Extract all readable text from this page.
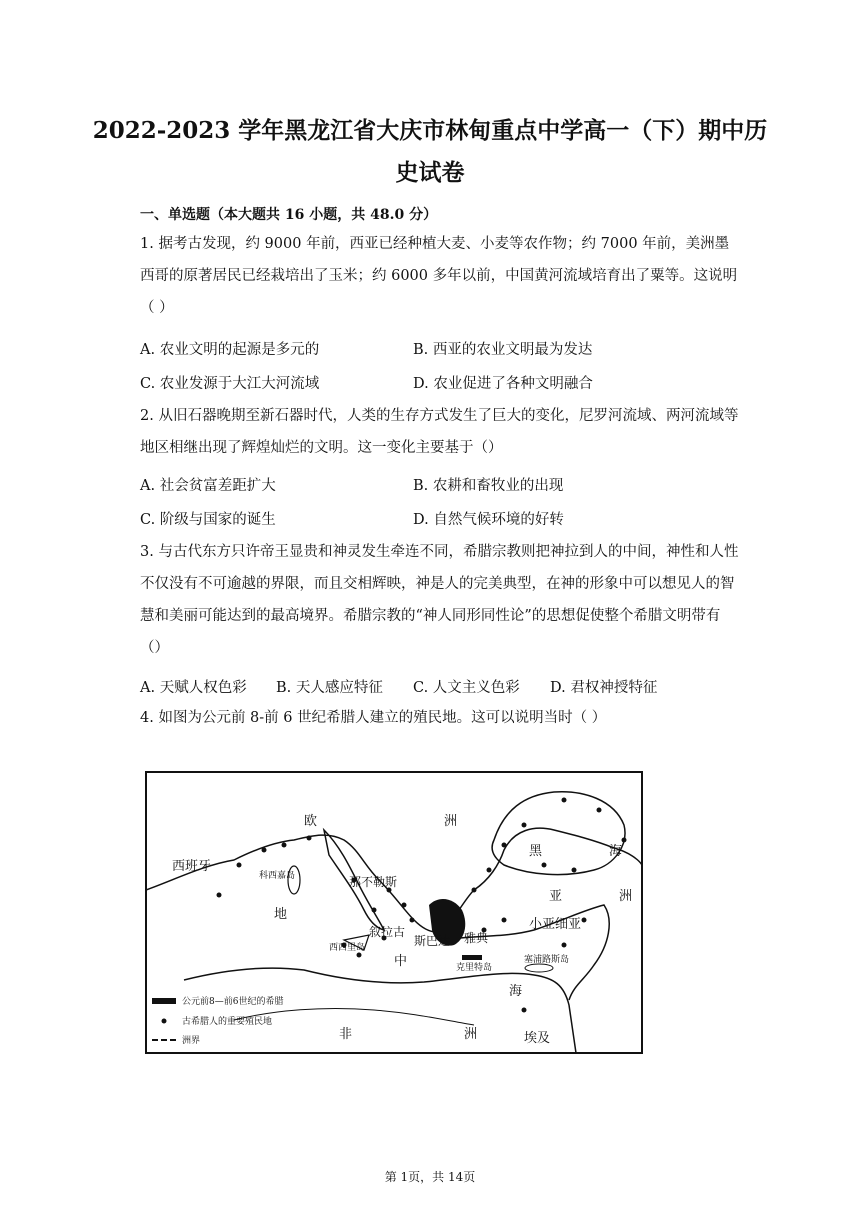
2022-2023 学年黑龙江省大庆市林甸重点中学高一（下）期中历
史试卷
一、单选题（本大题共 16 小题，共 48.0 分）
1. 据考古发现，约 9000 年前，西亚已经种植大麦、小麦等农作物；约 7000 年前，美洲墨西哥的原著居民已经栽培出了玉米；约 6000 多年以前，中国黄河流域培育出了粟等。这说明（ ）
A. 农业文明的起源是多元的	B. 西亚的农业文明最为发达
C. 农业发源于大江大河流域	D. 农业促进了各种文明融合
2. 从旧石器晚期至新石器时代，人类的生存方式发生了巨大的变化，尼罗河流域、两河流域等地区相继出现了辉煌灿烂的文明。这一变化主要基于（）
A. 社会贫富差距扩大	B. 农耕和畜牧业的出现
C. 阶级与国家的诞生	D. 自然气候环境的好转
3. 与古代东方只许帝王显贵和神灵发生牵连不同，希腊宗教则把神拉到人的中间，神性和人性不仅没有不可逾越的界限，而且交相辉映，神是人的完美典型，在神的形象中可以想见人的智慧和美丽可能达到的最高境界。希腊宗教的“神人同形同性论”的思想促使整个希腊文明带有（）
A. 天赋人权色彩 B. 天人感应特征 C. 人文主义色彩 D. 君权神授特征
4. 如图为公元前 8-前 6 世纪希腊人建立的殖民地。这可以说明当时（ ）
欧	洲
西班牙
科西嘉岛
地
中
海
那不勒斯
叙拉古
西西里岛	斯巴达 雅典
克里特岛
黑	海
亚	洲
小亚细亚
塞浦路斯岛
非	洲	埃及
公元前8—前6世纪的希腊
古希腊人的重要殖民地
洲界
第 1页，共 14页
